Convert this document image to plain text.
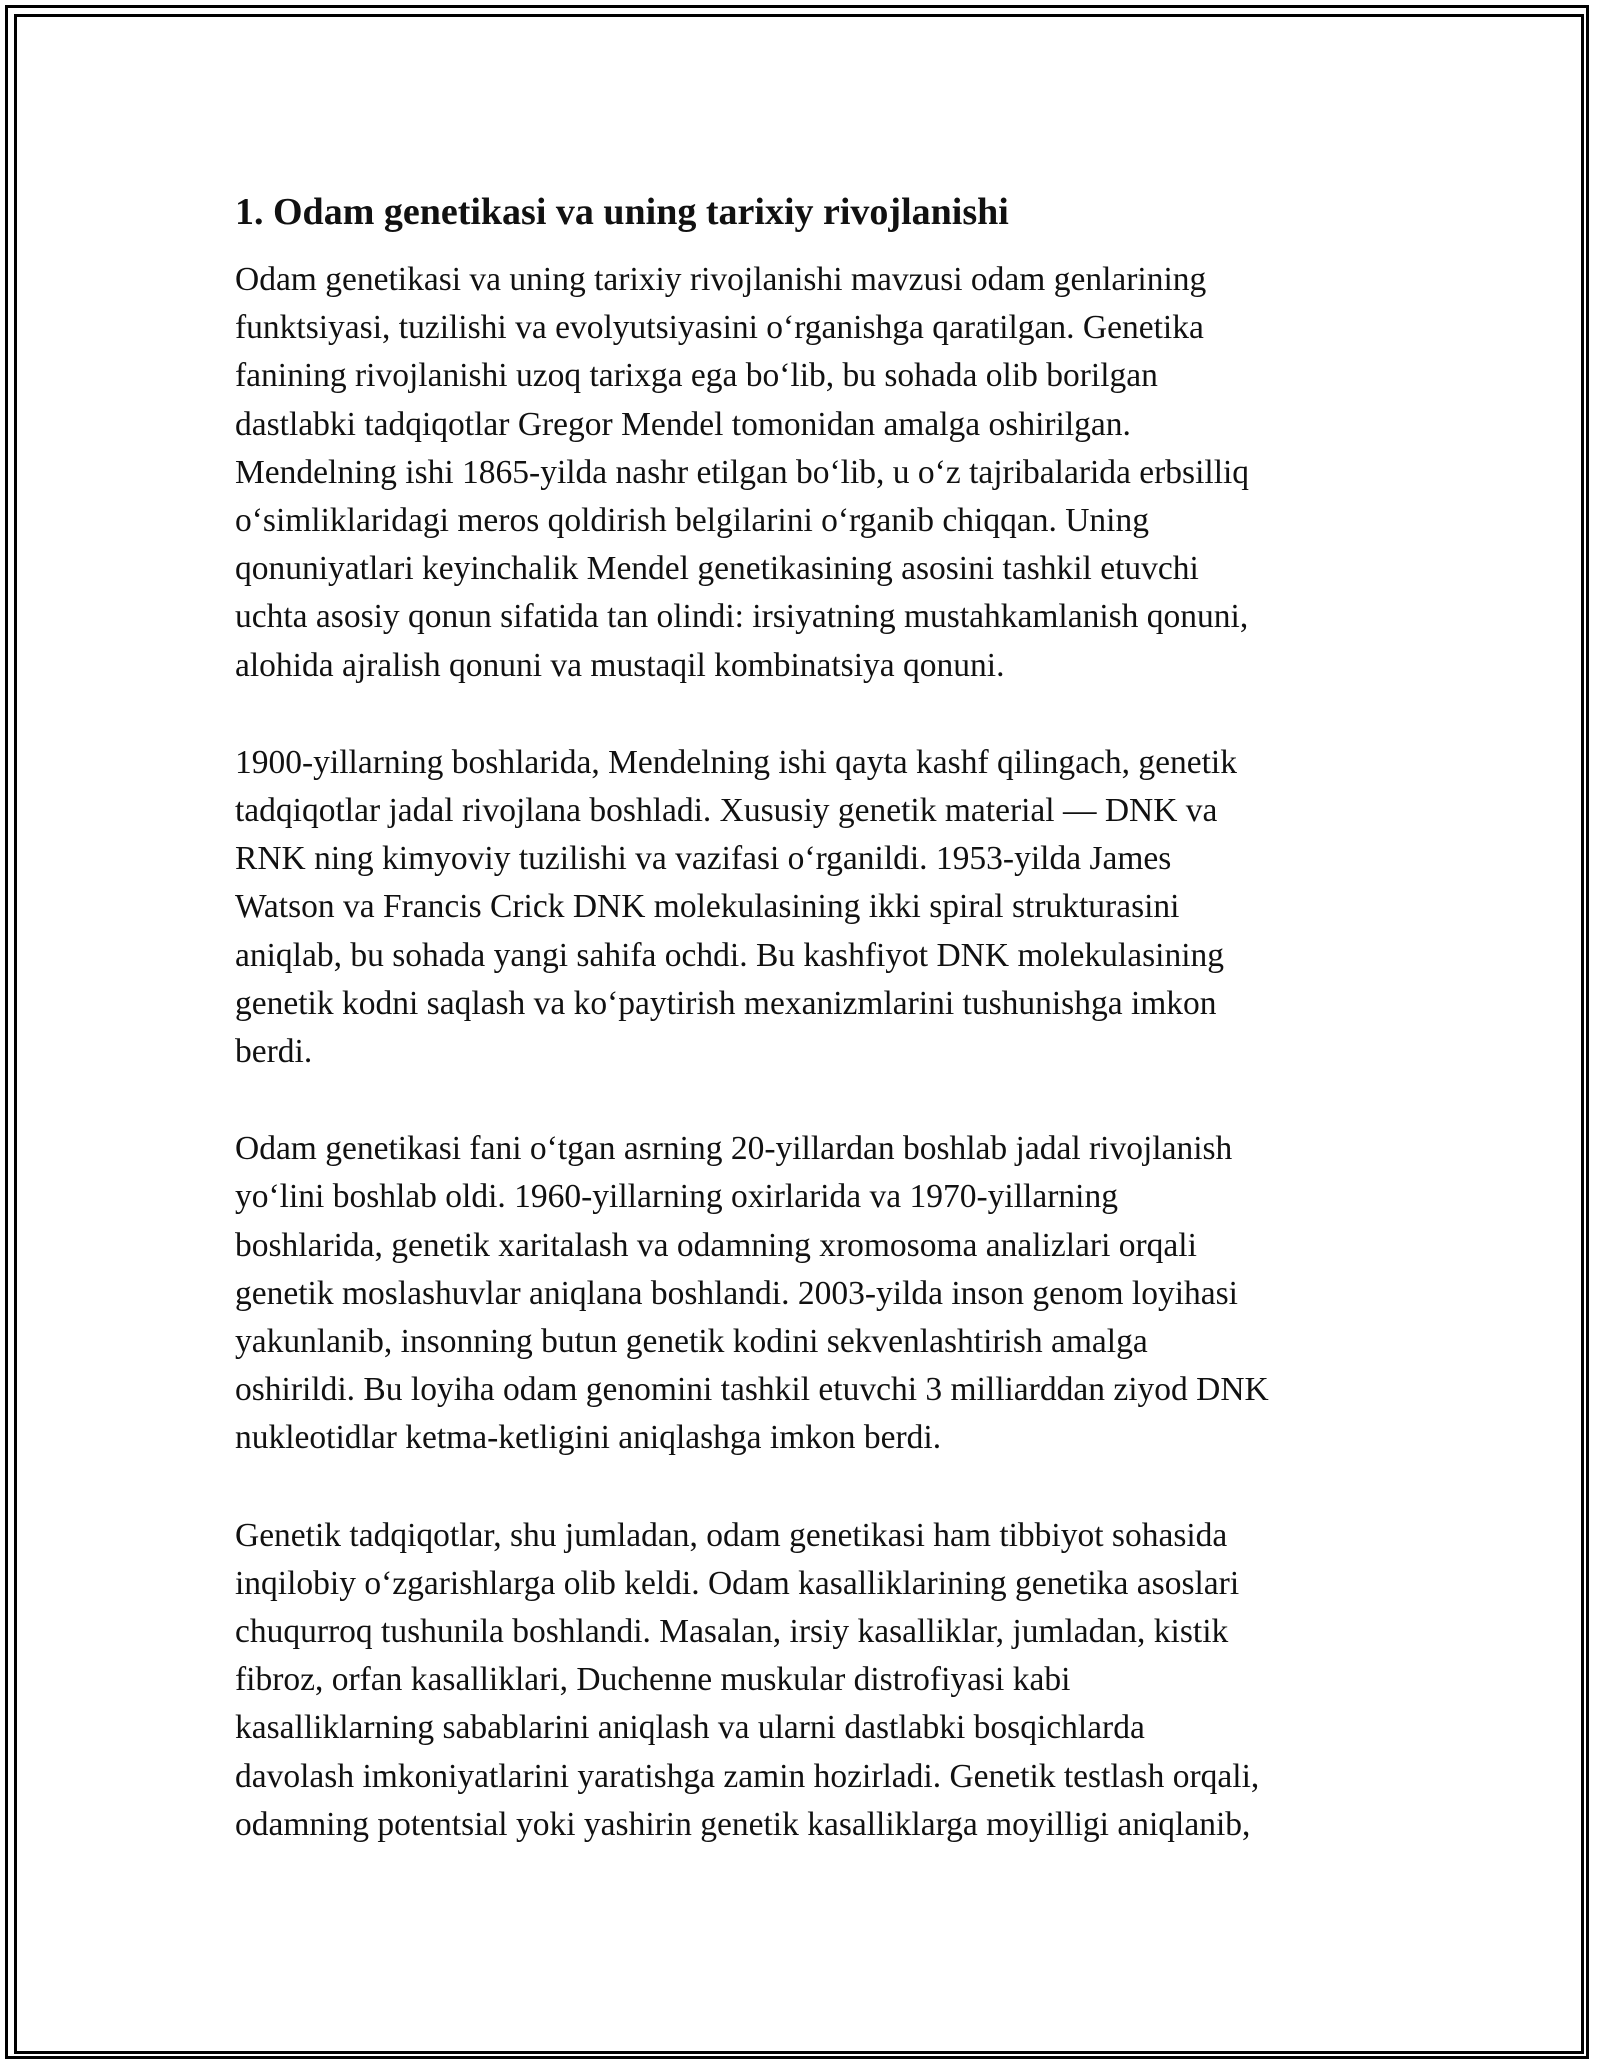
1. Odam genetikasi va uning tarixiy rivojlanishi

Odam genetikasi va uning tarixiy rivojlanishi mavzusi odam genlarining
funktsiyasi, tuzilishi va evolyutsiyasini o‘rganishga qaratilgan. Genetika
fanining rivojlanishi uzoq tarixga ega bo‘lib, bu sohada olib borilgan
dastlabki tadqiqotlar Gregor Mendel tomonidan amalga oshirilgan.
Mendelning ishi 1865-yilda nashr etilgan bo‘lib, u o‘z tajribalarida erbsilliq
o‘simliklaridagi meros qoldirish belgilarini o‘rganib chiqqan. Uning
qonuniyatlari keyinchalik Mendel genetikasining asosini tashkil etuvchi
uchta asosiy qonun sifatida tan olindi: irsiyatning mustahkamlanish qonuni,
alohida ajralish qonuni va mustaqil kombinatsiya qonuni.

1900-yillarning boshlarida, Mendelning ishi qayta kashf qilingach, genetik
tadqiqotlar jadal rivojlana boshladi. Xususiy genetik material — DNK va
RNK ning kimyoviy tuzilishi va vazifasi o‘rganildi. 1953-yilda James
Watson va Francis Crick DNK molekulasining ikki spiral strukturasini
aniqlab, bu sohada yangi sahifa ochdi. Bu kashfiyot DNK molekulasining
genetik kodni saqlash va ko‘paytirish mexanizmlarini tushunishga imkon
berdi.

Odam genetikasi fani o‘tgan asrning 20-yillardan boshlab jadal rivojlanish
yo‘lini boshlab oldi. 1960-yillarning oxirlarida va 1970-yillarning
boshlarida, genetik xaritalash va odamning xromosoma analizlari orqali
genetik moslashuvlar aniqlana boshlandi. 2003-yilda inson genom loyihasi
yakunlanib, insonning butun genetik kodini sekvenlashtirish amalga
oshirildi. Bu loyiha odam genomini tashkil etuvchi 3 milliarddan ziyod DNK
nukleotidlar ketma-ketligini aniqlashga imkon berdi.

Genetik tadqiqotlar, shu jumladan, odam genetikasi ham tibbiyot sohasida
inqilobiy o‘zgarishlarga olib keldi. Odam kasalliklarining genetika asoslari
chuqurroq tushunila boshlandi. Masalan, irsiy kasalliklar, jumladan, kistik
fibroz, orfan kasalliklari, Duchenne muskular distrofiyasi kabi
kasalliklarning sabablarini aniqlash va ularni dastlabki bosqichlarda
davolash imkoniyatlarini yaratishga zamin hozirladi. Genetik testlash orqali,
odamning potentsial yoki yashirin genetik kasalliklarga moyilligi aniqlanib,
